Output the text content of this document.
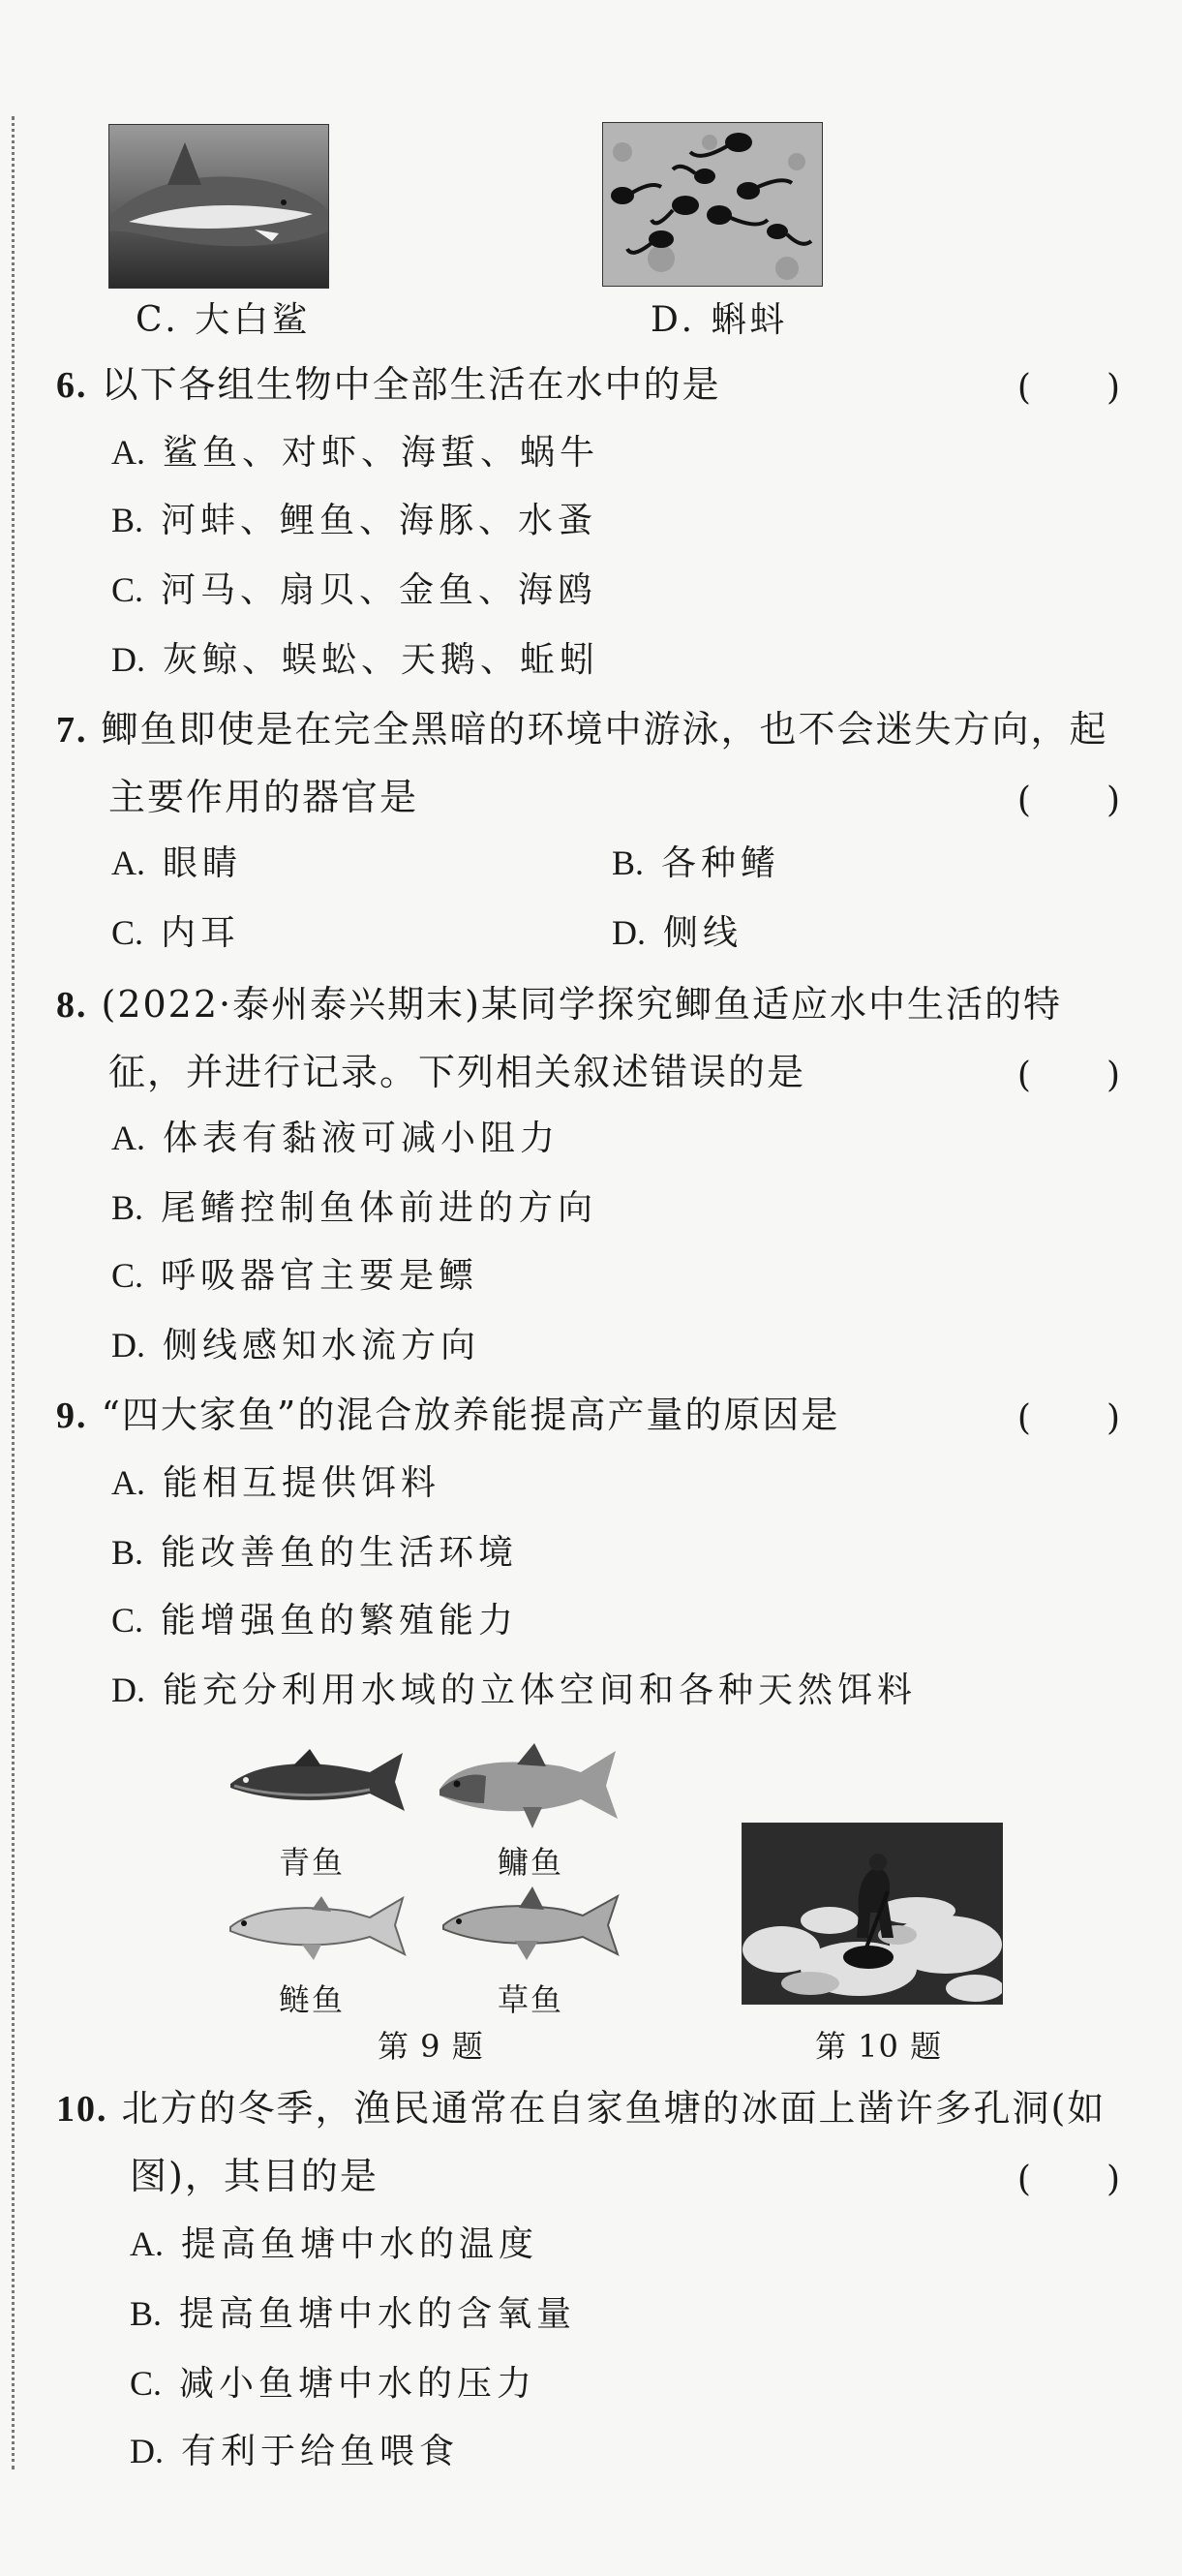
C. 大白鲨	D. 蝌蚪
6. 以下各组生物中全部生活在水中的是	(　　)
A. 鲨鱼、对虾、海蜇、蜗牛
B. 河蚌、鲤鱼、海豚、水蚤
C. 河马、扇贝、金鱼、海鸥
D. 灰鲸、蜈蚣、天鹅、蚯蚓
7. 鲫鱼即使是在完全黑暗的环境中游泳，也不会迷失方向，起
主要作用的器官是	(　　)
A. 眼睛	B. 各种鳍
C. 内耳	D. 侧线
8. (2022·泰州泰兴期末)某同学探究鲫鱼适应水中生活的特
征，并进行记录。下列相关叙述错误的是	(　　)
A. 体表有黏液可减小阻力
B. 尾鳍控制鱼体前进的方向
C. 呼吸器官主要是鳔
D. 侧线感知水流方向
9. “四大家鱼”的混合放养能提高产量的原因是	(　　)
A. 能相互提供饵料
B. 能改善鱼的生活环境
C. 能增强鱼的繁殖能力
D. 能充分利用水域的立体空间和各种天然饵料
青鱼	鳙鱼
鲢鱼	草鱼
第 9 题	第 10 题
10. 北方的冬季，渔民通常在自家鱼塘的冰面上凿许多孔洞(如
图)，其目的是	(　　)
A. 提高鱼塘中水的温度
B. 提高鱼塘中水的含氧量
C. 减小鱼塘中水的压力
D. 有利于给鱼喂食
